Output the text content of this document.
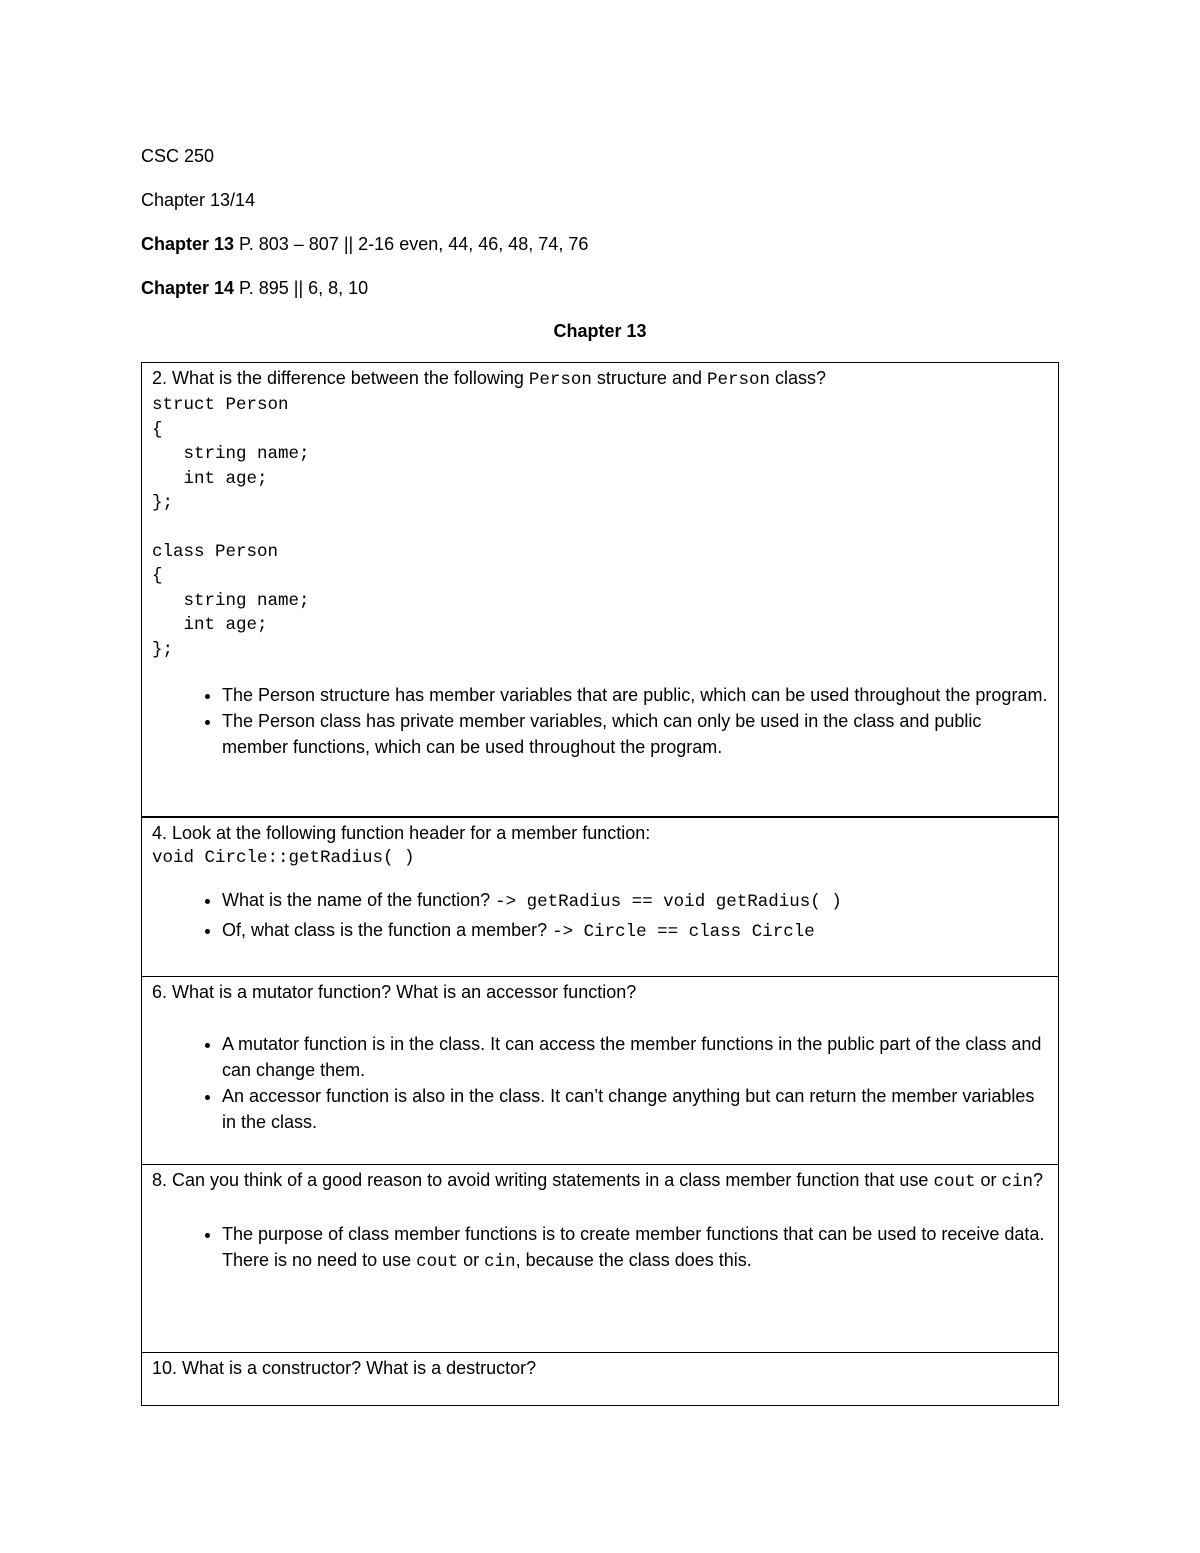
CSC 250
Chapter 13/14
Chapter 13 P. 803 – 807 || 2-16 even, 44, 46, 48, 74, 76
Chapter 14 P. 895 || 6, 8, 10
Chapter 13
2. What is the difference between the following Person structure and Person class?
struct Person
{
string name;
int age;
};
class Person
{
string name;
int age;
};
• The Person structure has member variables that are public, which can be used throughout the program.
• The Person class has private member variables, which can only be used in the class and public member functions, which can be used throughout the program.
4. Look at the following function header for a member function:
void Circle::getRadius( )
• What is the name of the function? -> getRadius == void getRadius( )
• Of, what class is the function a member? -> Circle == class Circle
6. What is a mutator function? What is an accessor function?
• A mutator function is in the class. It can access the member functions in the public part of the class and can change them.
• An accessor function is also in the class. It can’t change anything but can return the member variables in the class.
8. Can you think of a good reason to avoid writing statements in a class member function that use cout or cin?
• The purpose of class member functions is to create member functions that can be used to receive data. There is no need to use cout or cin, because the class does this.
10. What is a constructor? What is a destructor?
